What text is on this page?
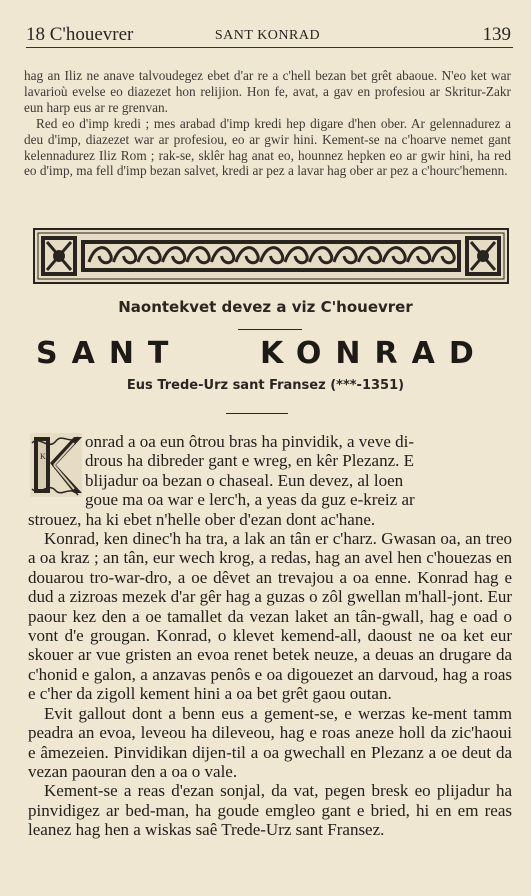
18 C'houevrer	SANT KONRAD	139

hag an Iliz ne anave talvoudegez ebet d'ar re a c'hell bezan bet grêt abaoue. N'eo ket war lavarioù evelse eo diazezet hon relijion. Hon fe, avat, a gav en profesiou ar Skritur-Zakr eun harp eus ar re grenvan.

Red eo d'imp kredi ; mes arabad d'imp kredi hep digare d'hen ober. Ar gelennadurez a deu d'imp, diazezet war ar profesiou, eo ar gwir hini. Kement-se na c'hoarve nemet gant kelennadurez Iliz Rom ; rak-se, sklêr hag anat eo, hounnez hepken eo ar gwir hini, ha red eo d'imp, ma fell d'imp bezan salvet, kredi ar pez a lavar hag ober ar pez a c'hourc'hemenn.

Naontekvet devez a viz C'houevrer
SANT	KONRAD
Eus Trede-Urz sant Fransez (***-1351)
K
onrad a oa eun ôtrou bras ha pinvidik, a veve di-
drous ha dibreder gant e wreg, en kêr Plezanz. E
blijadur oa bezan o chaseal. Eun devez, al loen
goue ma oa war e lerc'h, a yeas da guz e-kreiz ar

strouez, ha ki ebet n'helle ober d'ezan dont ac'hane.

Konrad, ken dinec'h ha tra, a lak an tân er c'harz. Gwasan oa, an treo a oa kraz ; an tân, eur wech krog, a redas, hag an avel hen c'houezas en douarou tro-war-dro, a oe dêvet an trevajou a oa enne. Konrad hag e dud a zizroas mezek d'ar gêr hag a guzas o zôl gwellan m'hall-jont. Eur paour kez den a oe tamallet da vezan laket an tân-gwall, hag e oad o vont d'e grougan. Konrad, o klevet kemend-all, daoust ne oa ket eur skouer ar vue gristen an evoa renet betek neuze, a deuas an drugare da c'honid e galon, a anzavas penôs e oa digouezet an darvoud, hag a roas e c'her da zigoll kement hini a oa bet grêt gaou outan.

Evit gallout dont a benn eus a gement-se, e werzas ke-ment tamm peadra an evoa, leveou ha dileveou, hag e roas aneze holl da zic'haoui e âmezeien. Pinvidikan dijen-til a oa gwechall en Plezanz a oe deut da vezan paouran den a oa o vale.

Kement-se a reas d'ezan sonjal, da vat, pegen bresk eo plijadur ha pinvidigez ar bed-man, ha goude emgleo gant e bried, hi en em reas leanez hag hen a wiskas saê Trede-Urz sant Fransez.
